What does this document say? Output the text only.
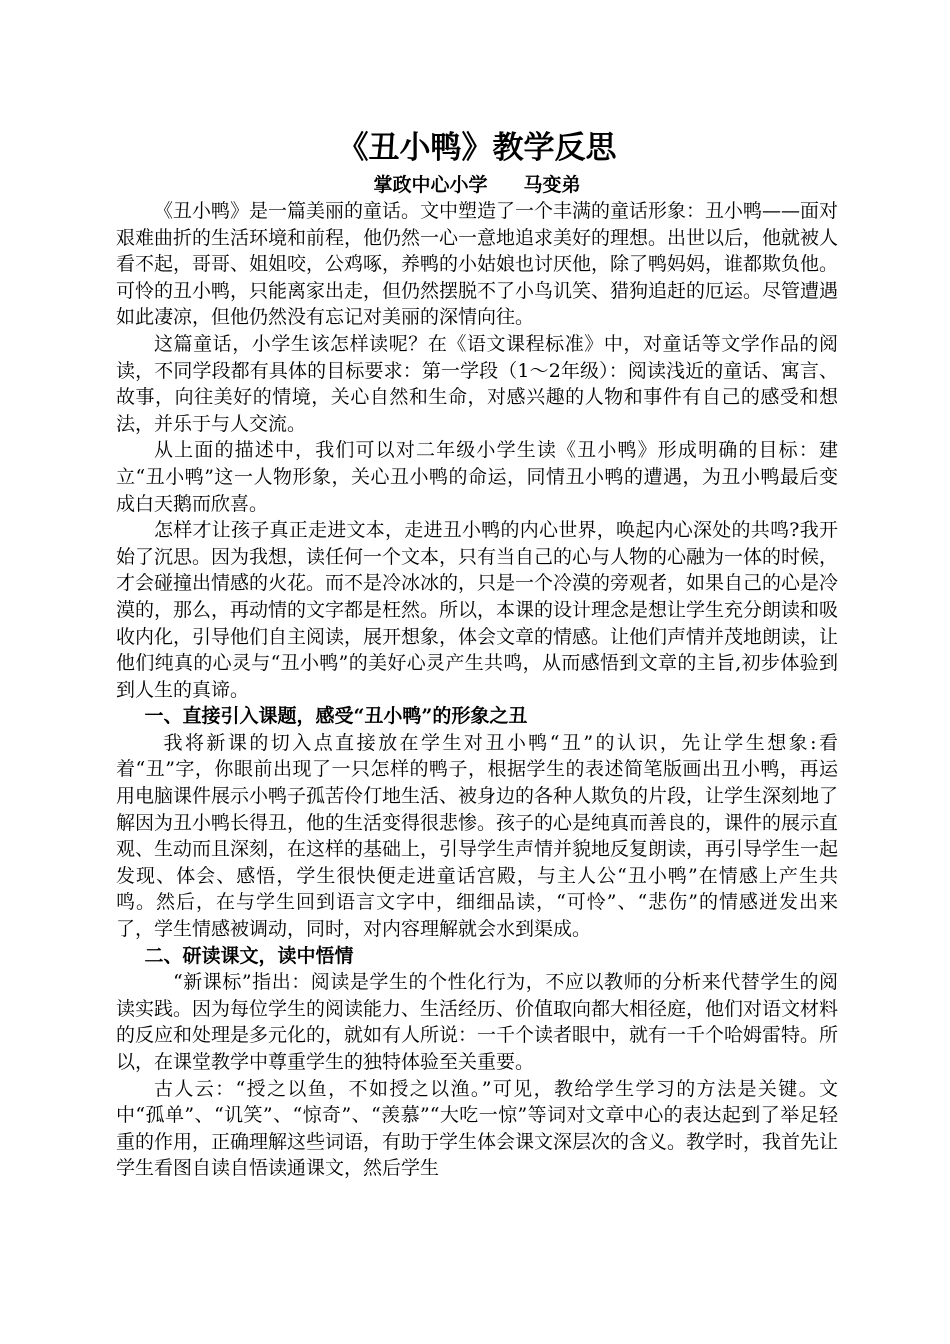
《丑小鸭》教学反思

掌政中心小学 马变弟

《丑小鸭》是一篇美丽的童话。文中塑造了一个丰满的童话形象：丑小鸭——面对艰难曲折的生活环境和前程，他仍然一心一意地追求美好的理想。出世以后，他就被人看不起，哥哥、姐姐咬，公鸡啄，养鸭的小姑娘也讨厌他，除了鸭妈妈，谁都欺负他。可怜的丑小鸭，只能离家出走，但仍然摆脱不了小鸟讥笑、猎狗追赶的厄运。尽管遭遇如此凄凉，但他仍然没有忘记对美丽的深情向往。

这篇童话，小学生该怎样读呢？在《语文课程标准》中，对童话等文学作品的阅读，不同学段都有具体的目标要求：第一学段（1～2年级）：阅读浅近的童话、寓言、故事，向往美好的情境，关心自然和生命，对感兴趣的人物和事件有自己的感受和想法，并乐于与人交流。

从上面的描述中，我们可以对二年级小学生读《丑小鸭》形成明确的目标：建立“丑小鸭”这一人物形象，关心丑小鸭的命运，同情丑小鸭的遭遇，为丑小鸭最后变成白天鹅而欣喜。

怎样才让孩子真正走进文本，走进丑小鸭的内心世界，唤起内心深处的共鸣?我开始了沉思。因为我想，读任何一个文本，只有当自己的心与人物的心融为一体的时候，才会碰撞出情感的火花。而不是冷冰冰的，只是一个冷漠的旁观者，如果自己的心是冷漠的，那么，再动情的文字都是枉然。所以，本课的设计理念是想让学生充分朗读和吸收内化，引导他们自主阅读，展开想象，体会文章的情感。让他们声情并茂地朗读，让他们纯真的心灵与“丑小鸭”的美好心灵产生共鸣，从而感悟到文章的主旨,初步体验到到人生的真谛。

一、直接引入课题，感受“丑小鸭”的形象之丑

我将新课的切入点直接放在学生对丑小鸭“丑”的认识，先让学生想象:看着“丑”字，你眼前出现了一只怎样的鸭子，根据学生的表述简笔版画出丑小鸭，再运用电脑课件展示小鸭子孤苦伶仃地生活、被身边的各种人欺负的片段，让学生深刻地了解因为丑小鸭长得丑，他的生活变得很悲惨。孩子的心是纯真而善良的，课件的展示直观、生动而且深刻，在这样的基础上，引导学生声情并貌地反复朗读，再引导学生一起发现、体会、感悟，学生很快便走进童话宫殿，与主人公“丑小鸭”在情感上产生共鸣。然后，在与学生回到语言文字中，细细品读，“可怜”、“悲伤”的情感迸发出来了，学生情感被调动，同时，对内容理解就会水到渠成。

二、研读课文，读中悟情

“新课标”指出：阅读是学生的个性化行为，不应以教师的分析来代替学生的阅读实践。因为每位学生的阅读能力、生活经历、价值取向都大相径庭，他们对语文材料的反应和处理是多元化的，就如有人所说：一千个读者眼中，就有一千个哈姆雷特。所以，在课堂教学中尊重学生的独特体验至关重要。

古人云：“授之以鱼，不如授之以渔。”可见，教给学生学习的方法是关键。文中“孤单”、“讥笑”、“惊奇”、“羡慕”“大吃一惊”等词对文章中心的表达起到了举足轻重的作用，正确理解这些词语，有助于学生体会课文深层次的含义。教学时，我首先让学生看图自读自悟读通课文，然后学生
